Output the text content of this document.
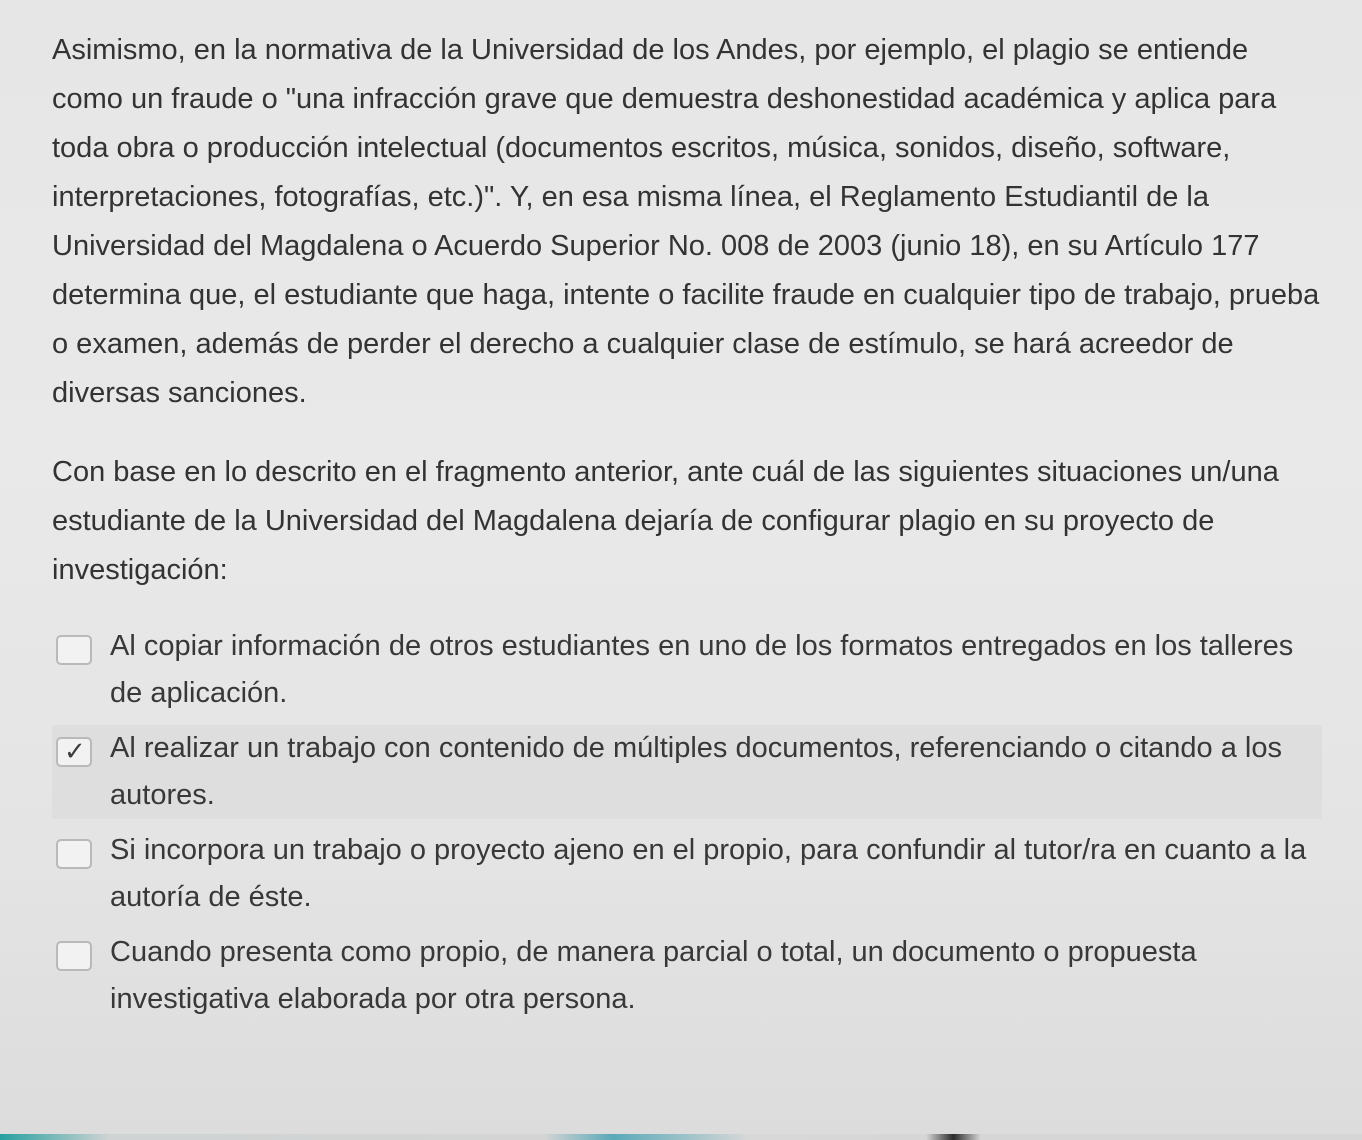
Asimismo, en la normativa de la Universidad de los Andes, por ejemplo, el plagio se entiende como un fraude o "una infracción grave que demuestra deshonestidad académica y aplica para toda obra o producción intelectual (documentos escritos, música, sonidos, diseño, software, interpretaciones, fotografías, etc.)". Y, en esa misma línea, el Reglamento Estudiantil de la Universidad del Magdalena o Acuerdo Superior No. 008 de 2003 (junio 18), en su Artículo 177 determina que, el estudiante que haga, intente o facilite fraude en cualquier tipo de trabajo, prueba o examen, además de perder el derecho a cualquier clase de estímulo, se hará acreedor de diversas sanciones.

Con base en lo descrito en el fragmento anterior, ante cuál de las siguientes situaciones un/una estudiante de la Universidad del Magdalena dejaría de configurar plagio en su proyecto de investigación:

Al copiar información de otros estudiantes en uno de los formatos entregados en los talleres de aplicación.
✓ Al realizar un trabajo con contenido de múltiples documentos, referenciando o citando a los autores.
Si incorpora un trabajo o proyecto ajeno en el propio, para confundir al tutor/ra en cuanto a la autoría de éste.
Cuando presenta como propio, de manera parcial o total, un documento o propuesta investigativa elaborada por otra persona.
